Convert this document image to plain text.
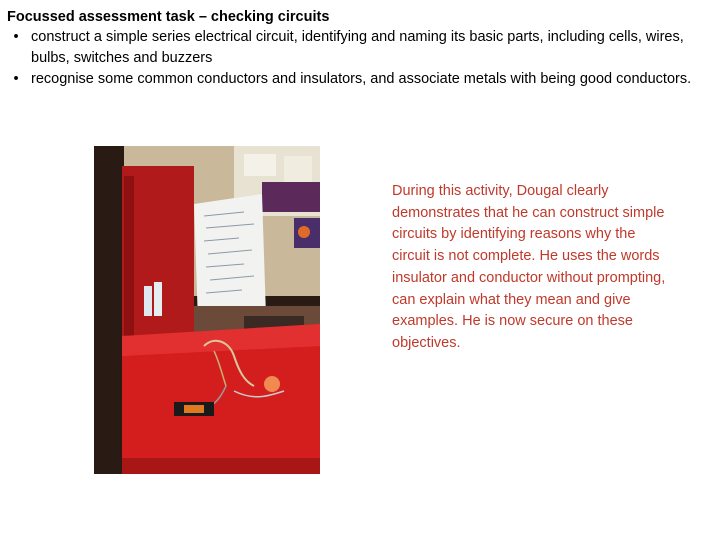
Focussed assessment task – checking circuits
• construct a simple series electrical circuit, identifying and naming its basic parts, including cells, wires, bulbs, switches and buzzers
• recognise some common conductors and insulators, and associate metals with being good conductors.
During this activity, Dougal clearly demonstrates that he can construct simple circuits by identifying reasons why the circuit is not complete. He uses the words insulator and conductor without prompting, can explain what they mean and give examples. He is now secure on these objectives.
